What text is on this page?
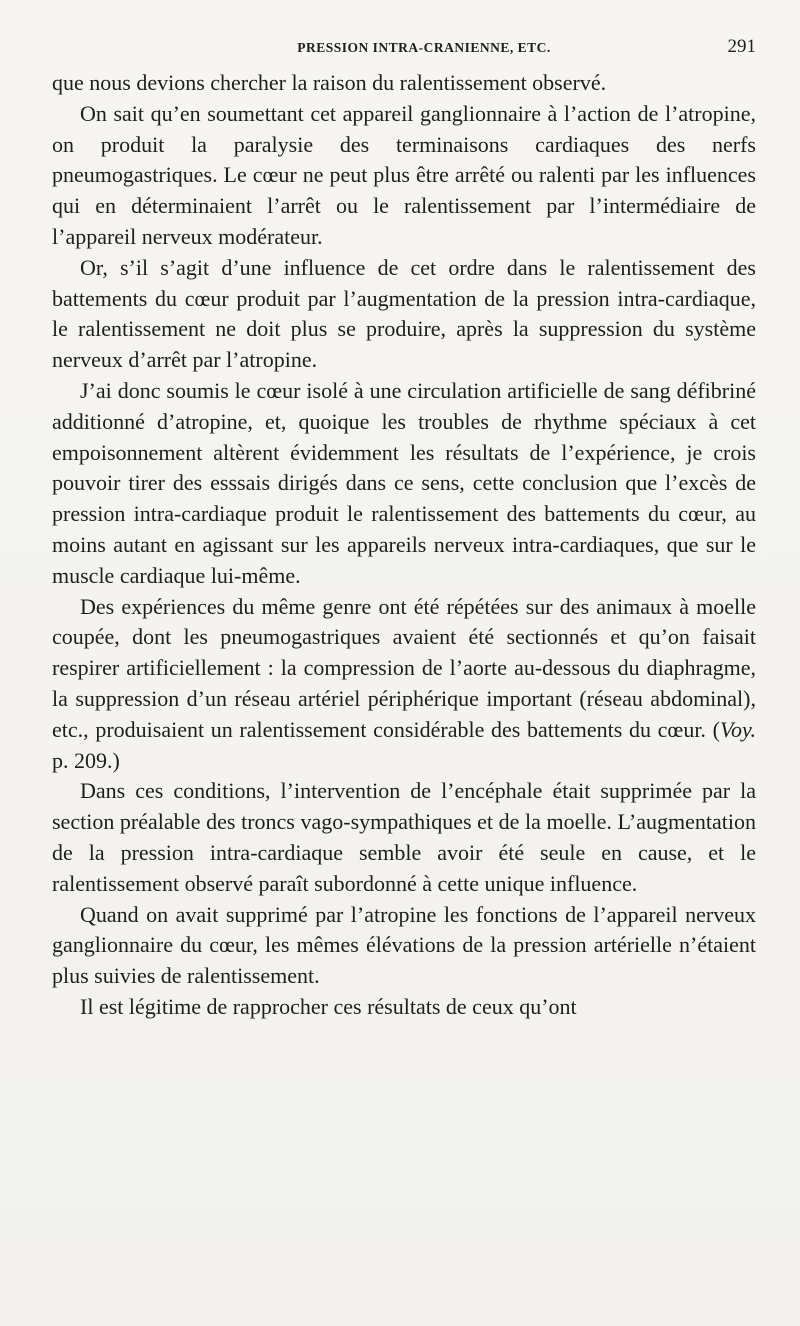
PRESSION INTRA-CRANIENNE, ETC.	291

que nous devions chercher la raison du ralentissement observé.

On sait qu’en soumettant cet appareil ganglionnaire à l’action de l’atropine, on produit la paralysie des terminaisons cardiaques des nerfs pneumogastriques. Le cœur ne peut plus être arrêté ou ralenti par les influences qui en déterminaient l’arrêt ou le ralentissement par l’intermédiaire de l’appareil nerveux modérateur.

Or, s’il s’agit d’une influence de cet ordre dans le ralentissement des battements du cœur produit par l’augmentation de la pression intra-cardiaque, le ralentissement ne doit plus se produire, après la suppression du système nerveux d’arrêt par l’atropine.

J’ai donc soumis le cœur isolé à une circulation artificielle de sang défibriné additionné d’atropine, et, quoique les troubles de rhythme spéciaux à cet empoisonnement altèrent évidemment les résultats de l’expérience, je crois pouvoir tirer des esssais dirigés dans ce sens, cette conclusion que l’excès de pression intra-cardiaque produit le ralentissement des battements du cœur, au moins autant en agissant sur les appareils nerveux intra-cardiaques, que sur le muscle cardiaque lui-même.

Des expériences du même genre ont été répétées sur des animaux à moelle coupée, dont les pneumogastriques avaient été sectionnés et qu’on faisait respirer artificiellement : la compression de l’aorte au-dessous du diaphragme, la suppression d’un réseau artériel périphérique important (réseau abdominal), etc., produisaient un ralentissement considérable des battements du cœur. (Voy. p. 209.)

Dans ces conditions, l’intervention de l’encéphale était supprimée par la section préalable des troncs vago-sympathiques et de la moelle. L’augmentation de la pression intra-cardiaque semble avoir été seule en cause, et le ralentissement observé paraît subordonné à cette unique influence.

Quand on avait supprimé par l’atropine les fonctions de l’appareil nerveux ganglionnaire du cœur, les mêmes élévations de la pression artérielle n’étaient plus suivies de ralentissement.

Il est légitime de rapprocher ces résultats de ceux qu’ont
